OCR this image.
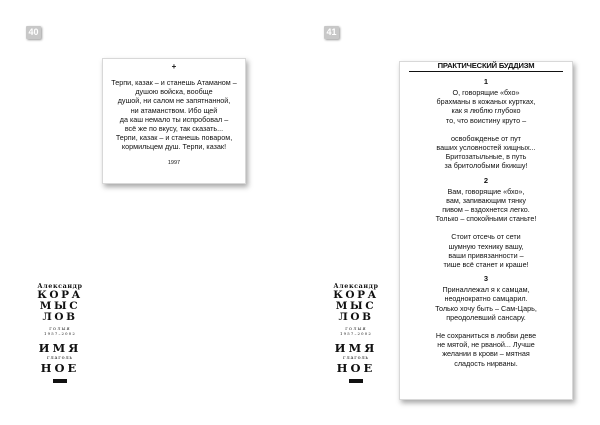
40
+
Терпи, казак – и станешь Атаманом –
душою войска, вообще
душой, ни салом не запятнанной,
ни атаманством. Ибо щей
да каш немало ты испробовал –
всё же по вкусу, так сказать...
Терпи, казак – и станешь поваром,
кормильцем душ. Терпи, казак!
1997
Александр
КОРА
МЫС
ЛОВ
ГОЛЫЯ
1957–2002
ИМЯ
глаголь
НОЕ
41
ПРАКТИЧЕСКИЙ БУДДИЗМ
1
О, говорящие «бхо»
брахманы в кожаных куртках,
как я люблю глубоко
то, что воистину круто –
освобожденье от пут
ваших условностей хищных...
Бритозатыльные, в путь
за бритолобыми бхикшу!
2
Вам, говорящие «бхо»,
вам, запивающим тянку
пивом – вздохнется легко.
Только – спокойными станьте!
Стоит отсечь от сети
шумную технику вашу,
ваши привязанности –
тише всё станет и краше!
3
Приналлежал я к самцам,
неоднократно самцарил.
Только хочу быть – Сам-Царь,
преодолевший сансару.
Не сохраниться в любви деве
не мятой, не рваной... Лучше
желании в крови – мятная
сладость нирваны.
Александр
КОРА
МЫС
ЛОВ
ГОЛЫЯ
1957–2002
ИМЯ
глаголь
НОЕ
